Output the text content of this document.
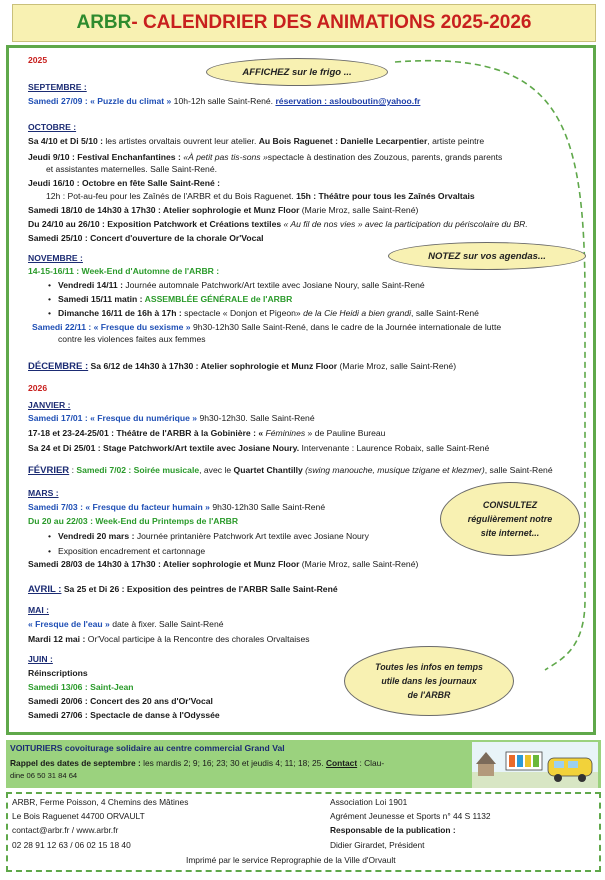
ARBR - CALENDRIER DES ANIMATIONS 2025-2026
2025
AFFICHEZ sur le frigo ...
SEPTEMBRE :
Samedi 27/09 : « Puzzle du climat » 10h-12h salle Saint-René. réservation : aslouboutin@yahoo.fr
OCTOBRE :
Sa 4/10 et Di 5/10 : les artistes orvaltais ouvrent leur atelier. Au Bois Raguenet : Danielle Lecarpentier, artiste peintre
Jeudi 9/10 : Festival Enchanfantines : «À petit pas tis-sons »spectacle à destination des Zouzous, parents, grands parents
et assistantes maternelles. Salle Saint-René.
Jeudi 16/10 : Octobre en fête Salle Saint-René :
12h : Pot-au-feu pour les Zaînés de l'ARBR et du Bois Raguenet. 15h : Théâtre pour tous les Zaînés Orvaltais
Samedi 18/10 de 14h30 à 17h30 : Atelier sophrologie et Munz Floor (Marie Mroz, salle Saint-René)
Du 24/10 au 26/10 : Exposition Patchwork et Créations textiles « Au fil de nos vies » avec la participation du périscolaire du BR.
Samedi 25/10 : Concert d'ouverture de la chorale Or'Vocal
NOTEZ sur vos agendas...
NOVEMBRE :
14-15-16/11 : Week-End d'Automne de l'ARBR :
• Vendredi 14/11 : Journée automnale Patchwork/Art textile avec Josiane Noury, salle Saint-René
• Samedi 15/11 matin : ASSEMBLÉE GÉNÉRALE de l'ARBR
• Dimanche 16/11 de 16h à 17h : spectacle « Donjon et Pigeon» de la Cie Heidi a bien grandi, salle Saint-René
Samedi 22/11 : « Fresque du sexisme » 9h30-12h30 Salle Saint-René, dans le cadre de la Journée internationale de lutte
contre les violences faites aux femmes
DÉCEMBRE : Sa 6/12 de 14h30 à 17h30 : Atelier sophrologie et Munz Floor (Marie Mroz, salle Saint-René)
2026
JANVIER :
Samedi 17/01 : « Fresque du numérique » 9h30-12h30. Salle Saint-René
17-18 et 23-24-25/01 : Théâtre de l'ARBR à la Gobinière : « Féminines » de Pauline Bureau
Sa 24 et Di 25/01 : Stage Patchwork/Art textile avec Josiane Noury. Intervenante : Laurence Robaix, salle Saint-René
FÉVRIER : Samedi 7/02 : Soirée musicale, avec le Quartet Chantilly (swing manouche, musique tzigane et klezmer), salle Saint-René
MARS :
Samedi 7/03 : « Fresque du facteur humain » 9h30-12h30 Salle Saint-René
Du 20 au 22/03 : Week-End du Printemps de l'ARBR
• Vendredi 20 mars : Journée printanière Patchwork Art textile avec Josiane Noury
• Exposition encadrement et cartonnage
Samedi 28/03 de 14h30 à 17h30 : Atelier sophrologie et Munz Floor (Marie Mroz, salle Saint-René)
CONSULTEZ
régulièrement notre
site internet...
AVRIL : Sa 25 et Di 26 : Exposition des peintres de l'ARBR Salle Saint-René
MAI :
« Fresque de l'eau » date à fixer. Salle Saint-René
Mardi 12 mai : Or'Vocal participe à la Rencontre des chorales Orvaltaises
JUIN :
Réinscriptions
Samedi 13/06 : Saint-Jean
Samedi 20/06 : Concert des 20 ans d'Or'Vocal
Samedi 27/06 : Spectacle de danse à l'Odyssée
Toutes les infos en temps
utile dans les journaux
de l'ARBR
VOITURIERS covoiturage solidaire au centre commercial Grand Val
Rappel des dates de septembre : les mardis 2; 9; 16; 23; 30 et jeudis 4; 11; 18; 25. Contact : Clau-
dine 06 50 31 84 64
ARBR, Ferme Poisson, 4 Chemins des Mâtines
Le Bois Raguenet 44700 ORVAULT
contact@arbr.fr / www.arbr.fr
02 28 91 12 63 / 06 02 15 18 40
Association Loi 1901
Agrément Jeunesse et Sports n° 44 S 1132
Responsable de la publication :
Didier Girardet, Président
Imprimé par le service Reprographie de la Ville d'Orvault
